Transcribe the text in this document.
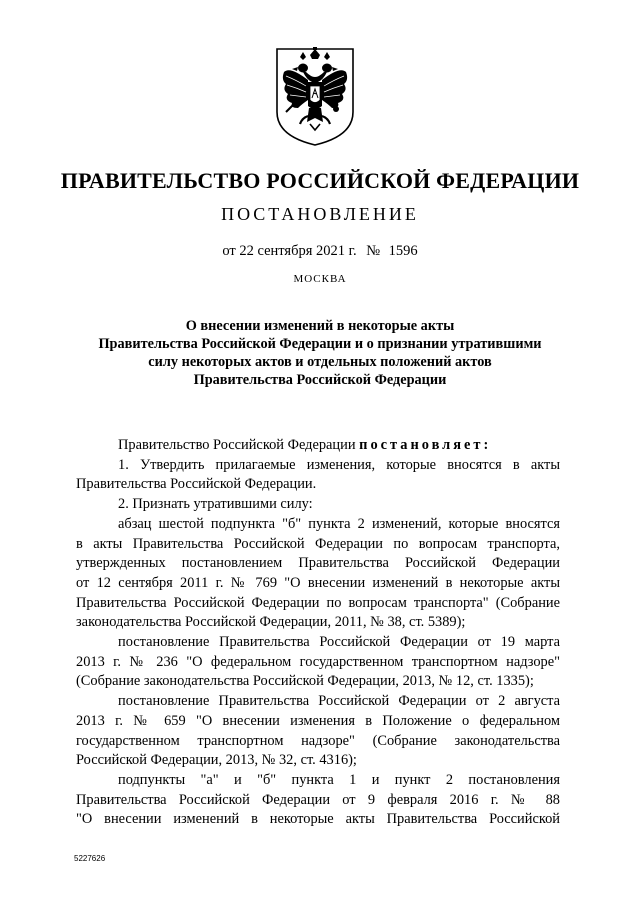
ПРАВИТЕЛЬСТВО РОССИЙСКОЙ ФЕДЕРАЦИИ
ПОСТАНОВЛЕНИЕ
от 22 сентября 2021 г. № 1596
МОСКВА
О внесении изменений в некоторые акты
Правительства Российской Федерации и о признании утратившими
силу некоторых актов и отдельных положений актов
Правительства Российской Федерации
Правительство Российской Федерации постановляет:
1. Утвердить прилагаемые изменения, которые вносятся в акты
Правительства Российской Федерации.
2. Признать утратившими силу:
абзац шестой подпункта "б" пункта 2 изменений, которые вносятся
в акты Правительства Российской Федерации по вопросам транспорта,
утвержденных постановлением Правительства Российской Федерации
от 12 сентября 2011 г. № 769 "О внесении изменений в некоторые акты
Правительства Российской Федерации по вопросам транспорта" (Собрание
законодательства Российской Федерации, 2011, № 38, ст. 5389);
постановление Правительства Российской Федерации от 19 марта
2013 г. № 236 "О федеральном государственном транспортном надзоре"
(Собрание законодательства Российской Федерации, 2013, № 12, ст. 1335);
постановление Правительства Российской Федерации от 2 августа
2013 г. № 659 "О внесении изменения в Положение о федеральном
государственном транспортном надзоре" (Собрание законодательства
Российской Федерации, 2013, № 32, ст. 4316);
подпункты "а" и "б" пункта 1 и пункт 2 постановления
Правительства Российской Федерации от 9 февраля 2016 г. № 88
"О внесении изменений в некоторые акты Правительства Российской
5227626
